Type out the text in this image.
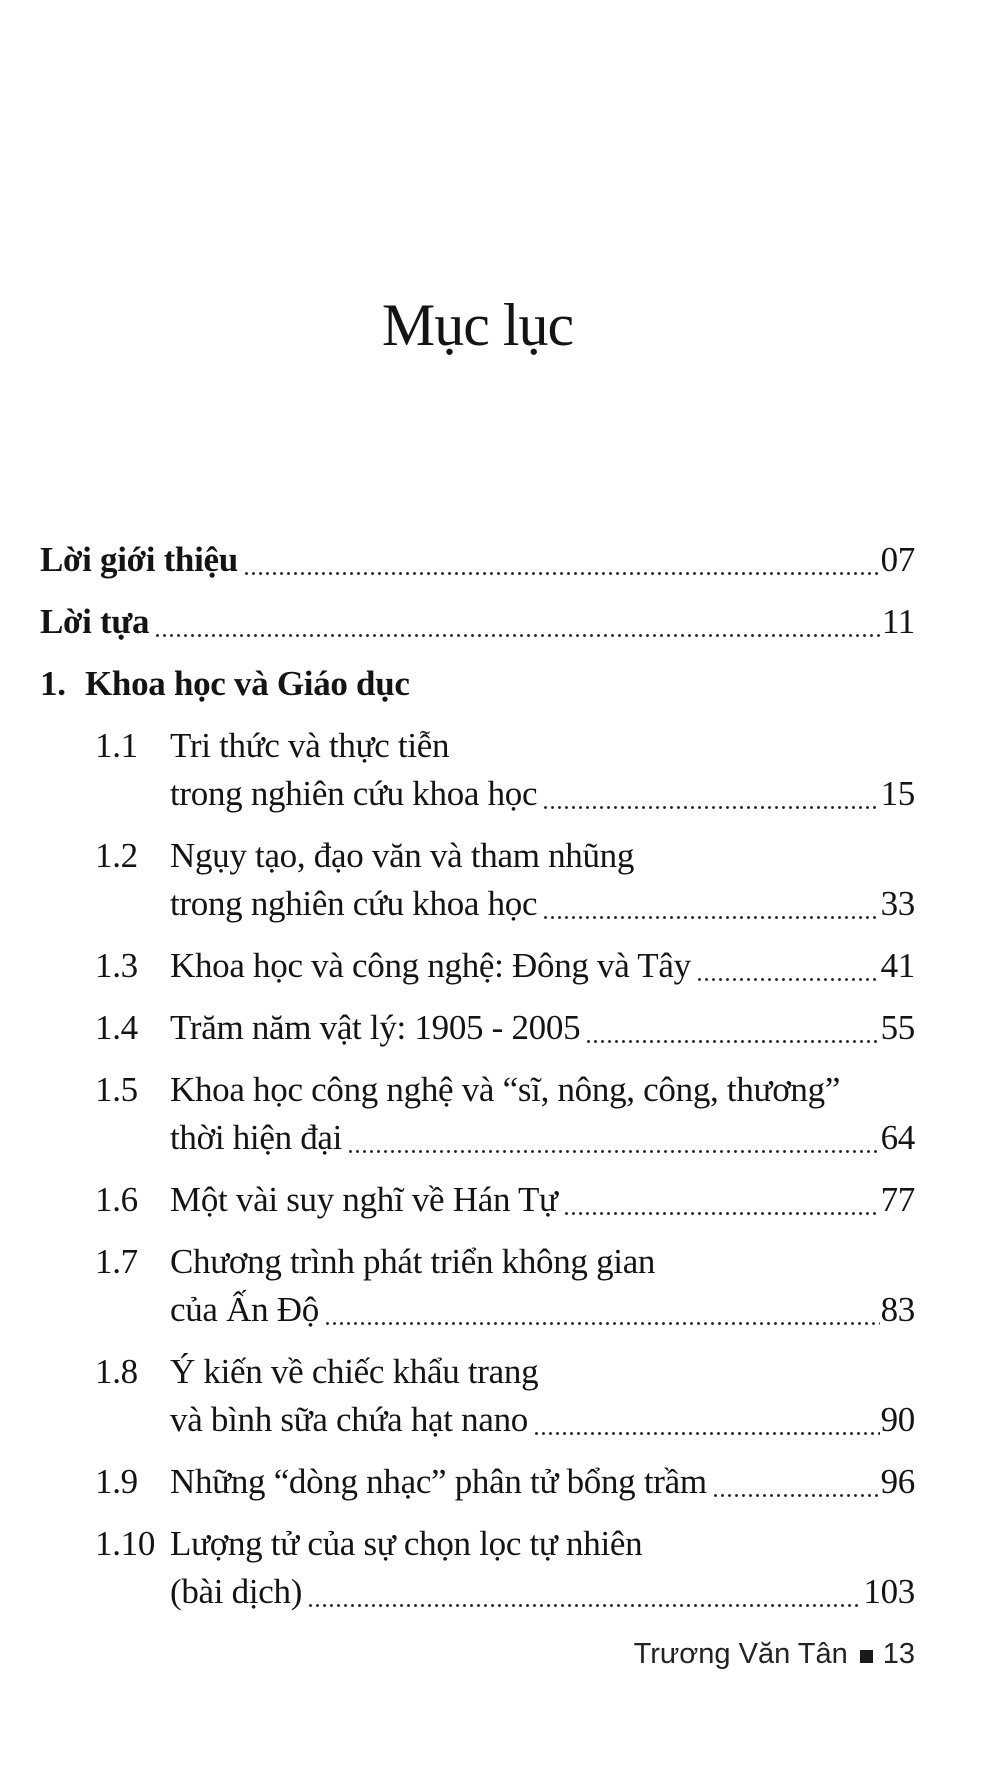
Mục lục
Lời giới thiệu	07
Lời tựa	11
1. Khoa học và Giáo dục
1.1 Tri thức và thực tiễn
trong nghiên cứu khoa học	15
1.2 Ngụy tạo, đạo văn và tham nhũng
trong nghiên cứu khoa học	33
1.3 Khoa học và công nghệ: Đông và Tây	41
1.4 Trăm năm vật lý: 1905 - 2005	55
1.5 Khoa học công nghệ và “sĩ, nông, công, thương”
thời hiện đại	64
1.6 Một vài suy nghĩ về Hán Tự	77
1.7 Chương trình phát triển không gian
của Ấn Độ	83
1.8 Ý kiến về chiếc khẩu trang
và bình sữa chứa hạt nano	90
1.9 Những “dòng nhạc” phân tử bổng trầm	96
1.10 Lượng tử của sự chọn lọc tự nhiên
(bài dịch)	103
Trương Văn Tân 13
